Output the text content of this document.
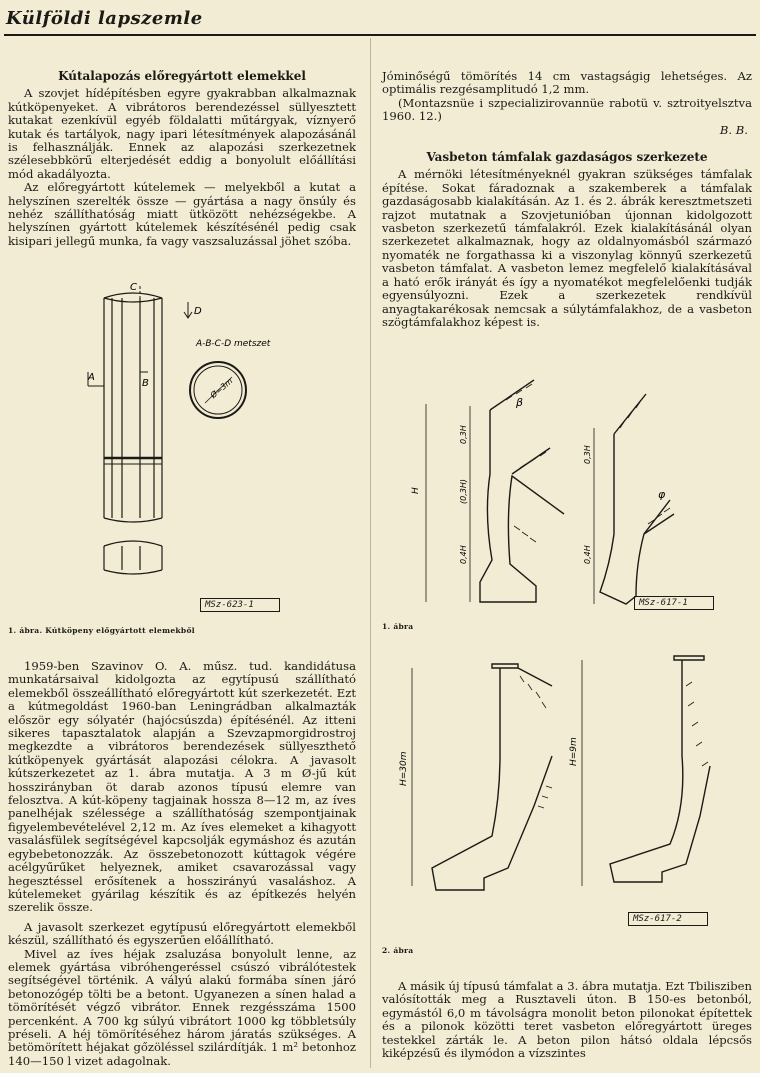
Külföldi lapszemle

Kútalapozás előregyártott elemekkel

A szovjet hídépítésben egyre gyakrabban alkalmaznak kútköpenyeket. A vibrátoros berendezéssel süllyesztett kutakat ezenkívül egyéb földalatti műtárgyak, víznyerő kutak és tartályok, nagy ipari létesítmények alapozásánál is felhasználják. Ennek az alapozási szerkezetnek szélesebbkörű elterjedését eddig a bonyolult előállítási mód akadályozta.

Az előregyártott kútelemek — melyekből a kutat a helyszínen szerelték össze — gyártása a nagy önsúly és nehéz szállíthatóság miatt ütközött nehézségekbe. A helyszínen gyártott kútelemek készítésénél pedig csak kisipari jellegű munka, fa vagy vaszsaluzással jöhet szóba.

C
D
A
B
A-B-C-D metszet
Ø=3m
MSz-623-1
1. ábra. Kútköpeny előgyártott elemekből

1959-ben Szavinov O. A. műsz. tud. kandidátusa munkatársaival kidolgozta az egytípusú szállítható elemekből összeállítható előregyártott kút szerkezetét. Ezt a kútmegoldást 1960-ban Leningrádban alkalmazták először egy sólyatér (hajócsúszda) építésénél. Az itteni sikeres tapasztalatok alapján a Szevzapmorgidrostroj megkezdte a vibrátoros berendezések süllyeszthető kútköpenyek gyártását alapozási célokra. A javasolt kútszerkezetet az 1. ábra mutatja. A 3 m Ø-jű kút hosszirányban öt darab azonos típusú elemre van felosztva. A kút-köpeny tagjainak hossza 8—12 m, az íves panelhéjak szélessége a szállíthatóság szempontjainak figyelembevételével 2,12 m. Az íves elemeket a kihagyott vasalásfülek segítségével kapcsolják egymáshoz és azután egybebetonozzák. Az összebetonozott kúttagok végére acélgyűrűket helyeznek, amiket csavarozással vagy hegesztéssel erősítenek a hosszirányú vasaláshoz. A kútelemeket gyárilag készítik és az építkezés helyén szerelik össze.

A javasolt szerkezet egytípusú előregyártott elemekből készül, szállítható és egyszerűen előállítható.

Mivel az íves héjak zsaluzása bonyolult lenne, az elemek gyártása vibróhengeréssel csúszó vibrálótestek segítségével történik. A vályú alakú formába sínen járó betonozógép tölti be a betont. Ugyanezen a sínen halad a tömörítését végző vibrátor. Ennek rezgésszáma 1500 percenként. A 700 kg súlyú vibrátort 1000 kg többletsúly préseli. A héj tömörítéséhez három járatás szükséges. A betömörített héjakat gőzöléssel szilárdítják. 1 m² betonhoz 140—150 l vizet adagolnak.

Jóminőségű tömörítés 14 cm vastagságig lehetséges. Az optimális rezgésamplitudó 1,2 mm.

(Montazsnüe i szpecializirovannüe rabotü v. sztroityelsztva 1960. 12.)

B. B.

Vasbeton támfalak gazdaságos szerkezete

A mérnöki létesítményeknél gyakran szükséges támfalak építése. Sokat fáradoznak a szakemberek a támfalak gazdaságosabb kialakításán. Az 1. és 2. ábrák keresztmetszeti rajzot mutatnak a Szovjetunióban újonnan kidolgozott vasbeton szerkezetű támfalakról. Ezek kialakításánál olyan szerkezetet alkalmaznak, hogy az oldalnyomásból származó nyomaték ne forgathassa ki a viszonylag könnyű szerkezetű vasbeton támfalat. A vasbeton lemez megfelelő kialakításával a ható erők irányát és így a nyomatékot megfelelőenki tudják egyensúlyozni. Ezek a szerkezetek rendkívül anyagtakarékosak nemcsak a súlytámfalakhoz, de a vasbeton szögtámfalakhoz képest is.

H
0,3H
(0,3H)
0,4H
0,3H
0,4H
β
φ
MSz-617-1
1. ábra
H=30m	H=9m
MSz-617-2
2. ábra

A másik új típusú támfalat a 3. ábra mutatja. Ezt Tbilisziben valósították meg a Rusztaveli úton. B 150-es betonból, egymástól 6,0 m távolságra monolit beton pilonokat építettek és a pilonok közötti teret vasbeton előregyártott üreges testekkel zárták le. A beton pilon hátsó oldala lépcsős kiképzésű és ilymódon a vízszintes
